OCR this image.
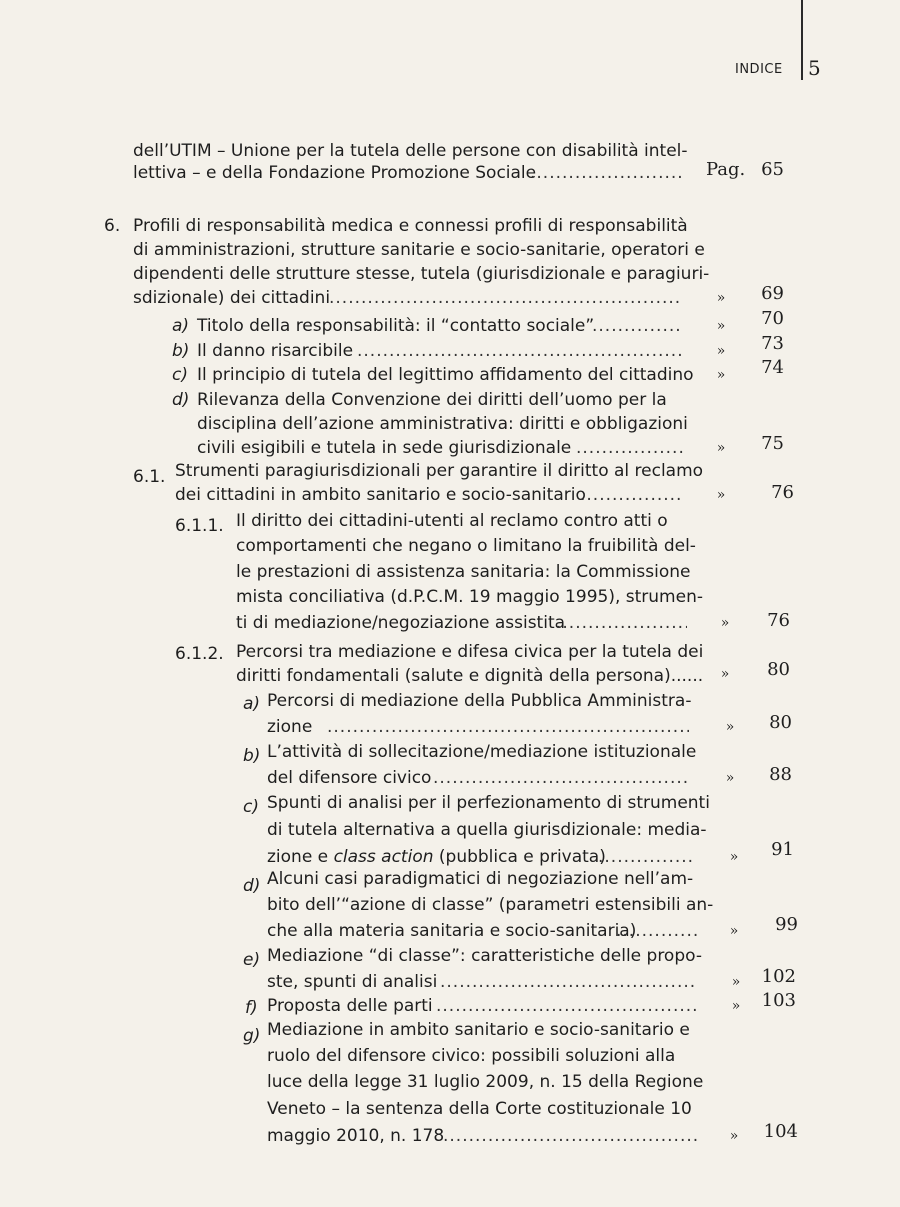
INDICE 5
dell’UTIM – Unione per la tutela delle persone con disabilità intel-
lettiva – e della Fondazione Promozione Sociale .....	Pag. 65
6. Profili di responsabilità medica e connessi profili di responsabilità
di amministrazioni, strutture sanitarie e socio-sanitarie, operatori e
dipendenti delle strutture stesse, tutela (giurisdizionale e paragiuri-
sdizionale) dei cittadini .....	»	69
a) Titolo della responsabilità: il “contatto sociale” .....	»	70
b) Il danno risarcibile .....	»	73
c) Il principio di tutela del legittimo affidamento del cittadino	»	74
d) Rilevanza della Convenzione dei diritti dell’uomo per la
disciplina dell’azione amministrativa: diritti e obbligazioni
civili esigibili e tutela in sede giurisdizionale .....	»	75
6.1. Strumenti paragiurisdizionali per garantire il diritto al reclamo
dei cittadini in ambito sanitario e socio-sanitario .....	»	76
6.1.1. Il diritto dei cittadini-utenti al reclamo contro atti o
comportamenti che negano o limitano la fruibilità del-
le prestazioni di assistenza sanitaria: la Commissione
mista conciliativa (d.P.C.M. 19 maggio 1995), strumen-
ti di mediazione/negoziazione assistita .....	»	76
6.1.2. Percorsi tra mediazione e difesa civica per la tutela dei
diritti fondamentali (salute e dignità della persona)......	»	80
a) Percorsi di mediazione della Pubblica Amministra-
zione .....	»	80
b) L’attività di sollecitazione/mediazione istituzionale
del difensore civico .....	»	88
c) Spunti di analisi per il perfezionamento di strumenti
di tutela alternativa a quella giurisdizionale: media-
zione e class action (pubblica e privata) .....	»	91
d) Alcuni casi paradigmatici di negoziazione nell’am-
bito dell’“azione di classe” (parametri estensibili an-
che alla materia sanitaria e socio-sanitaria) .....	»	99
e) Mediazione “di classe”: caratteristiche delle propo-
ste, spunti di analisi .....	»	102
f) Proposta delle parti .....	»	103
g) Mediazione in ambito sanitario e socio-sanitario e
ruolo del difensore civico: possibili soluzioni alla
luce della legge 31 luglio 2009, n. 15 della Regione
Veneto – la sentenza della Corte costituzionale 10
maggio 2010, n. 178 .....	»	104
